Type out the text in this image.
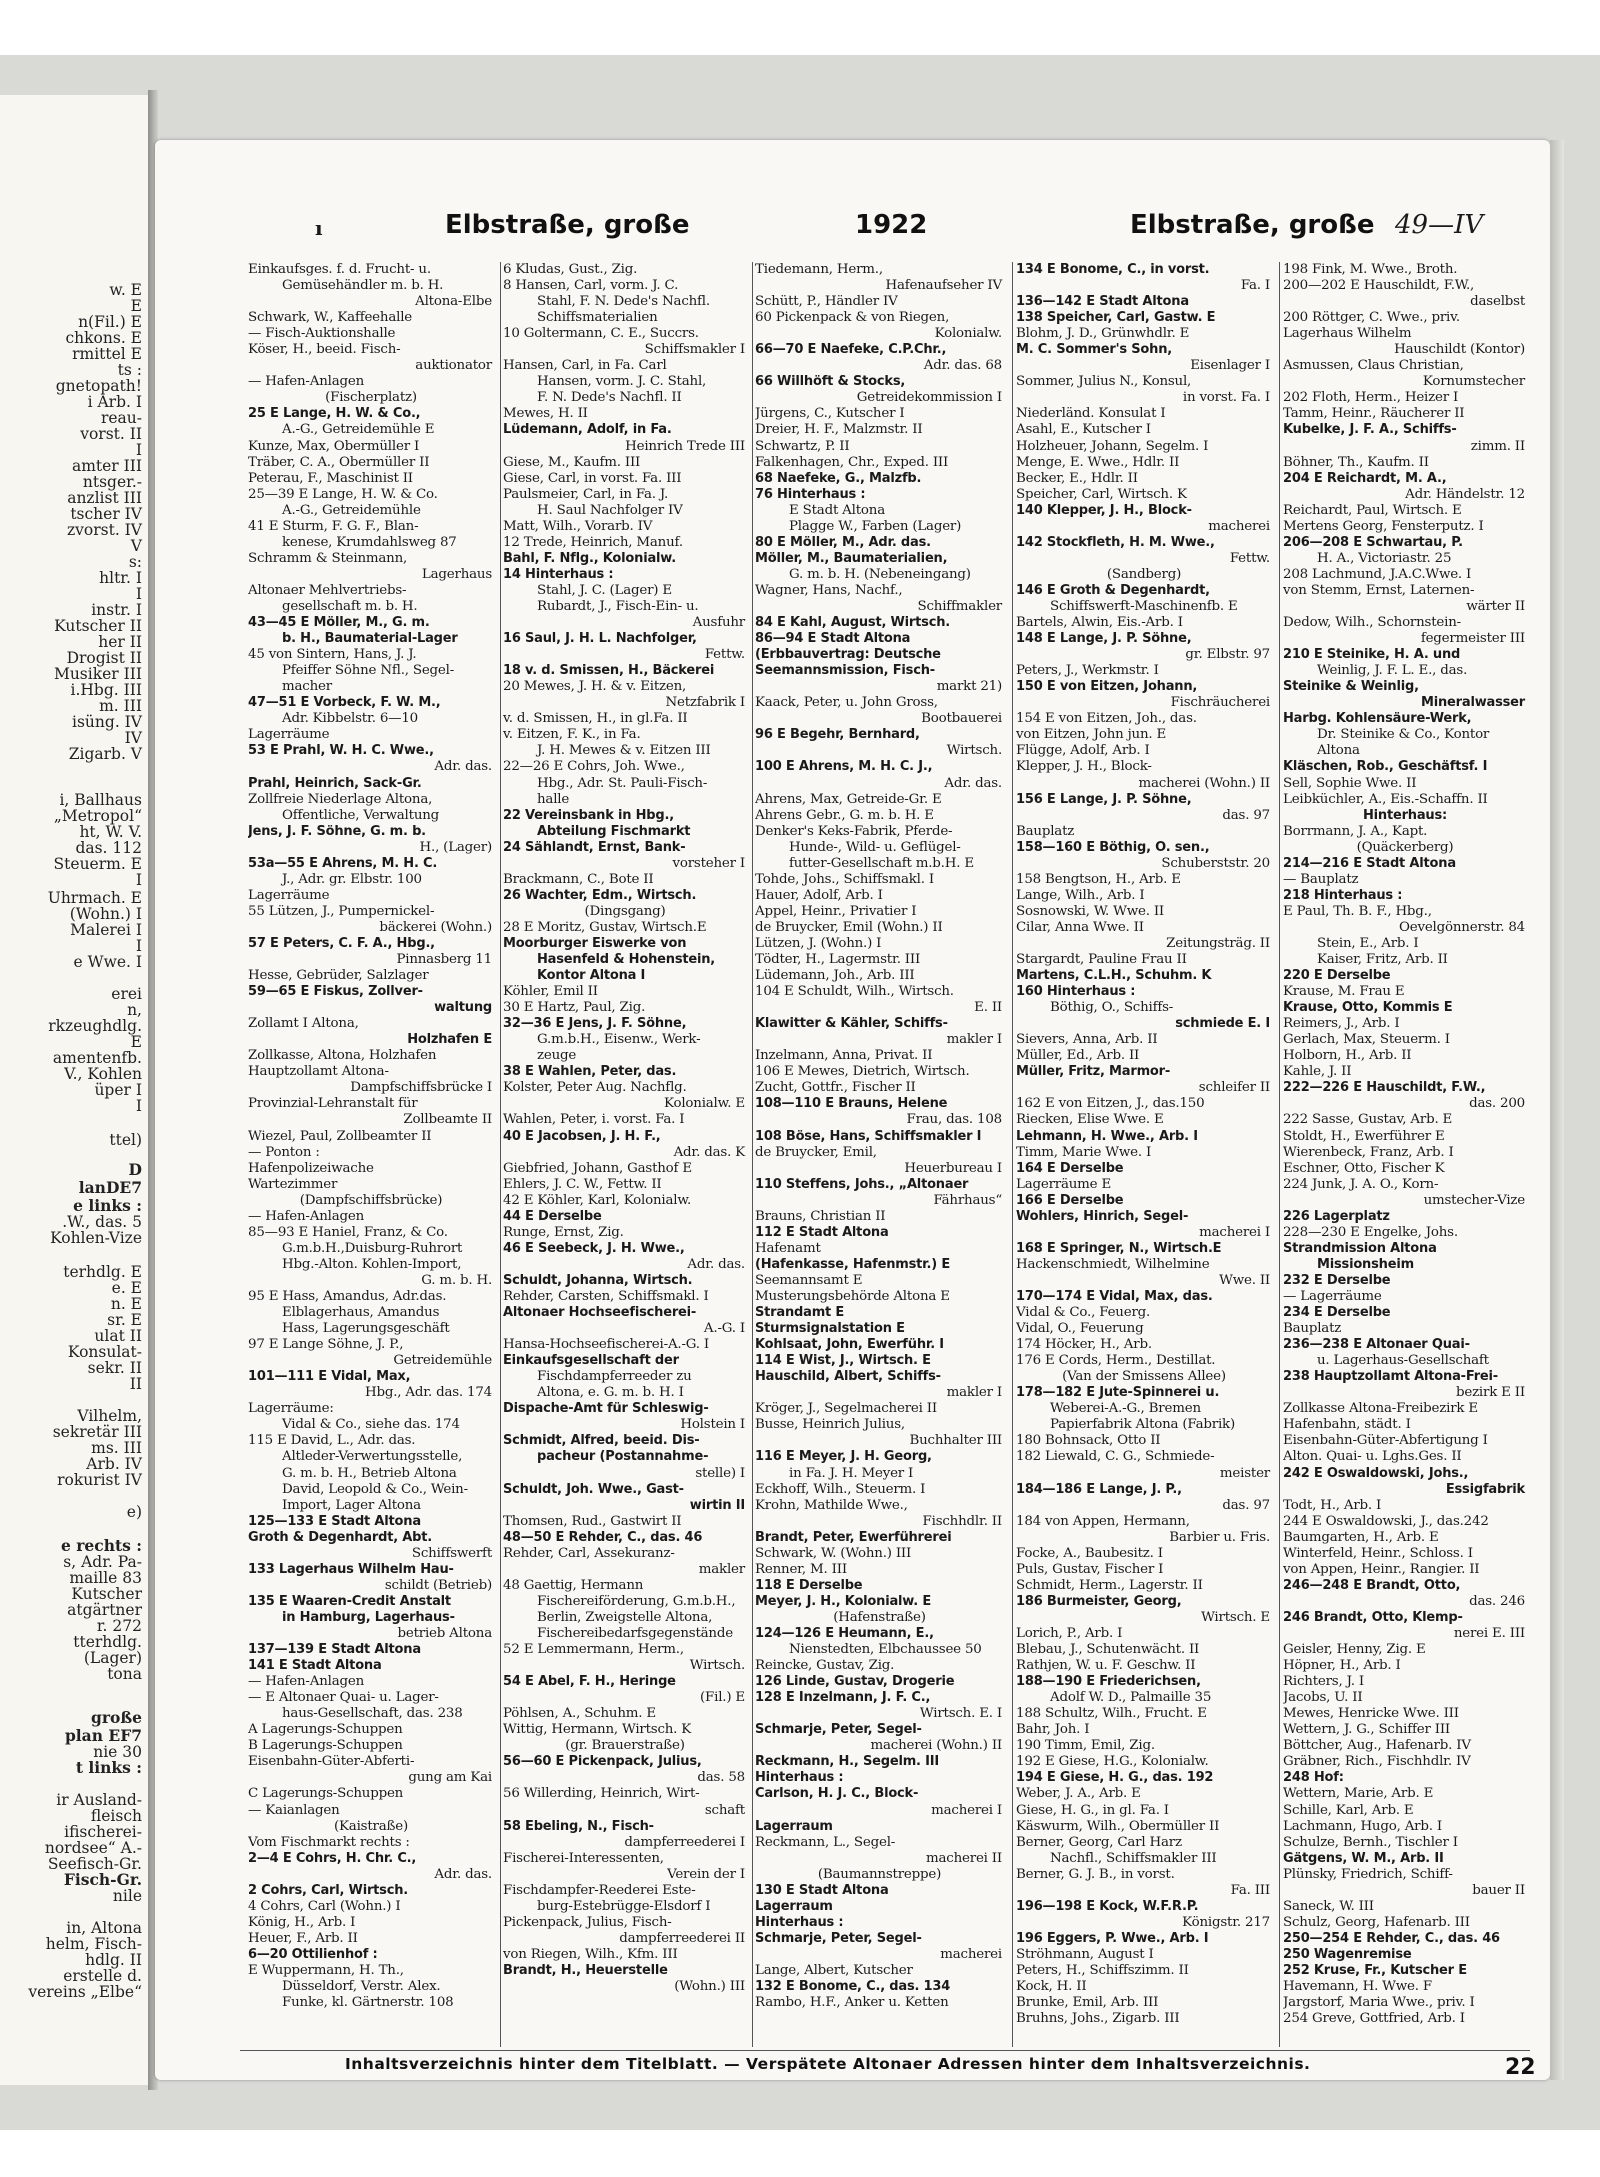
w. E
E
n(Fil.) E
chkons. E
rmittel E
ts :
gnetopath!
i Arb. I
reau-
vorst. II
I
amter III
ntsger.-
anzlist III
tscher IV
zvorst. IV
V
s:
hltr. I
I
instr. I
Kutscher II
her II
Drogist II
Musiker III
i.Hbg. III
m. III
isüng. IV
IV
Zigarb. V
i, Ballhaus
„Metropol“
ht, W. V.
das. 112
Steuerm. E
I
Uhrmach. E
(Wohn.) I
Malerei I
I
e Wwe. I
erei
n,
rkzeughdlg.
E
amentenfb.
V., Kohlen
üper I
I
ttel)
D
lanDE7
e links :
.W., das. 5
Kohlen-Vize
terhdlg. E
e. E
n. E
sr. E
ulat II
Konsulat-
sekr. II
II
Vilhelm,
sekretär III
ms. III
Arb. IV
rokurist IV
e)
e rechts :
s, Adr. Pa-
maille 83
Kutscher
atgärtner
r. 272
tterhdlg.
(Lager)
tona
große
plan EF7
nie 30
t links :
ir Ausland-
fleisch
ifischerei-
nordsee“ A.-
Seefisch-Gr.
Fisch-Gr.
nile
in, Altona
helm, Fisch-
hdlg. II
erstelle d.
vereins „Elbe“
ı	Elbstraße, große	1922	Elbstraße, große 49—IV
Einkaufsges. f. d. Frucht- u.
Gemüsehändler m. b. H.
Altona-Elbe
Schwark, W., Kaffeehalle
— Fisch-Auktionshalle
Köser, H., beeid. Fisch-
auktionator
— Hafen-Anlagen
(Fischerplatz)
25 E Lange, H. W. & Co.,
A.-G., Getreidemühle E
Kunze, Max, Obermüller I
Träber, C. A., Obermüller II
Peterau, F., Maschinist II
25—39 E Lange, H. W. & Co.
A.-G., Getreidemühle
41 E Sturm, F. G. F., Blan-
kenese, Krumdahlsweg 87
Schramm & Steinmann,
Lagerhaus
Altonaer Mehlvertriebs-
gesellschaft m. b. H.
43—45 E Möller, M., G. m.
b. H., Baumaterial-Lager
45 von Sintern, Hans, J. J.
Pfeiffer Söhne Nfl., Segel-
macher
47—51 E Vorbeck, F. W. M.,
Adr. Kibbelstr. 6—10
Lagerräume
53 E Prahl, W. H. C. Wwe.,
Adr. das.
Prahl, Heinrich, Sack-Gr.
Zollfreie Niederlage Altona,
Öffentliche, Verwaltung
Jens, J. F. Söhne, G. m. b.
H., (Lager)
53a—55 E Ahrens, M. H. C.
J., Adr. gr. Elbstr. 100
Lagerräume
55 Lützen, J., Pumpernickel-
bäckerei (Wohn.)
57 E Peters, C. F. A., Hbg.,
Pinnasberg 11
Hesse, Gebrüder, Salzlager
59—65 E Fiskus, Zollver-
waltung
Zollamt I Altona,
Holzhafen E
Zollkasse, Altona, Holzhafen
Hauptzollamt Altona-
Dampfschiffsbrücke I
Provinzial-Lehranstalt für
Zollbeamte II
Wiezel, Paul, Zollbeamter II
— Ponton :
Hafenpolizeiwache
Wartezimmer
(Dampfschiffsbrücke)
— Hafen-Anlagen
85—93 E Haniel, Franz, & Co.
G.m.b.H.,Duisburg-Ruhrort
Hbg.-Alton. Kohlen-Import,
G. m. b. H.
95 E Hass, Amandus, Adr.das.
Elblagerhaus, Amandus
Hass, Lagerungsgeschäft
97 E Lange Söhne, J. P.,
Getreidemühle
101—111 E Vidal, Max,
Hbg., Adr. das. 174
Lagerräume:
Vidal & Co., siehe das. 174
115 E David, L., Adr. das.
Altleder-Verwertungsstelle,
G. m. b. H., Betrieb Altona
David, Leopold & Co., Wein-
Import, Lager Altona
125—133 E Stadt Altona
Groth & Degenhardt, Abt.
Schiffswerft
133 Lagerhaus Wilhelm Hau-
schildt (Betrieb)
135 E Waaren-Credit Anstalt
in Hamburg, Lagerhaus-
betrieb Altona
137—139 E Stadt Altona
141 E Stadt Altona
— Hafen-Anlagen
— E Altonaer Quai- u. Lager-
haus-Gesellschaft, das. 238
A Lagerungs-Schuppen
B Lagerungs-Schuppen
Eisenbahn-Güter-Abferti-
gung am Kai
C Lagerungs-Schuppen
— Kaianlagen
(Kaistraße)
Vom Fischmarkt rechts :
2—4 E Cohrs, H. Chr. C.,
Adr. das.
2 Cohrs, Carl, Wirtsch.
4 Cohrs, Carl (Wohn.) I
König, H., Arb. I
Heuer, F., Arb. II
6—20 Ottilienhof :
E Wuppermann, H. Th.,
Düsseldorf, Verstr. Alex.
Funke, kl. Gärtnerstr. 108
6 Kludas, Gust., Zig.
8 Hansen, Carl, vorm. J. C.
Stahl, F. N. Dede's Nachfl.
Schiffsmaterialien
10 Goltermann, C. E., Succrs.
Schiffsmakler I
Hansen, Carl, in Fa. Carl
Hansen, vorm. J. C. Stahl,
F. N. Dede's Nachfl. II
Mewes, H. II
Lüdemann, Adolf, in Fa.
Heinrich Trede III
Giese, M., Kaufm. III
Giese, Carl, in vorst. Fa. III
Paulsmeier, Carl, in Fa. J.
H. Saul Nachfolger IV
Matt, Wilh., Vorarb. IV
12 Trede, Heinrich, Manuf.
Bahl, F. Nflg., Kolonialw.
14 Hinterhaus :
Stahl, J. C. (Lager) E
Rubardt, J., Fisch-Ein- u.
Ausfuhr
16 Saul, J. H. L. Nachfolger,
Fettw.
18 v. d. Smissen, H., Bäckerei
20 Mewes, J. H. & v. Eitzen,
Netzfabrik I
v. d. Smissen, H., in gl.Fa. II
v. Eitzen, F. K., in Fa.
J. H. Mewes & v. Eitzen III
22—26 E Cohrs, Joh. Wwe.,
Hbg., Adr. St. Pauli-Fisch-
halle
22 Vereinsbank in Hbg.,
Abteilung Fischmarkt
24 Sählandt, Ernst, Bank-
vorsteher I
Brackmann, C., Bote II
26 Wachter, Edm., Wirtsch.
(Dingsgang)
28 E Moritz, Gustav, Wirtsch.E
Moorburger Eiswerke von
Hasenfeld & Hohenstein,
Kontor Altona I
Köhler, Emil II
30 E Hartz, Paul, Zig.
32—36 E Jens, J. F. Söhne,
G.m.b.H., Eisenw., Werk-
zeuge
38 E Wahlen, Peter, das.
Kolster, Peter Aug. Nachflg.
Kolonialw. E
Wahlen, Peter, i. vorst. Fa. I
40 E Jacobsen, J. H. F.,
Adr. das. K
Giebfried, Johann, Gasthof E
Ehlers, J. C. W., Fettw. II
42 E Köhler, Karl, Kolonialw.
44 E Derselbe
Runge, Ernst, Zig.
46 E Seebeck, J. H. Wwe.,
Adr. das.
Schuldt, Johanna, Wirtsch.
Rehder, Carsten, Schiffsmakl. I
Altonaer Hochseefischerei-
A.-G. I
Hansa-Hochseefischerei-A.-G. I
Einkaufsgesellschaft der
Fischdampferreeder zu
Altona, e. G. m. b. H. I
Dispache-Amt für Schleswig-
Holstein I
Schmidt, Alfred, beeid. Dis-
pacheur (Postannahme-
stelle) I
Schuldt, Joh. Wwe., Gast-
wirtin II
Thomsen, Rud., Gastwirt II
48—50 E Rehder, C., das. 46
Rehder, Carl, Assekuranz-
makler
48 Gaettig, Hermann
Fischereiförderung, G.m.b.H.,
Berlin, Zweigstelle Altona,
Fischereibedarfsgegenstände
52 E Lemmermann, Herm.,
Wirtsch.
54 E Abel, F. H., Heringe
(Fil.) E
Pöhlsen, A., Schuhm. E
Wittig, Hermann, Wirtsch. K
(gr. Brauerstraße)
56—60 E Pickenpack, Julius,
das. 58
56 Willerding, Heinrich, Wirt-
schaft
58 Ebeling, N., Fisch-
dampferreederei I
Fischerei-Interessenten,
Verein der I
Fischdampfer-Reederei Este-
burg-Estebrügge-Elsdorf I
Pickenpack, Julius, Fisch-
dampferreederei II
von Riegen, Wilh., Kfm. III
Brandt, H., Heuerstelle
(Wohn.) III
Tiedemann, Herm.,
Hafenaufseher IV
Schütt, P., Händler IV
60 Pickenpack & von Riegen,
Kolonialw.
66—70 E Naefeke, C.P.Chr.,
Adr. das. 68
66 Willhöft & Stocks,
Getreidekommission I
Jürgens, C., Kutscher I
Dreier, H. F., Malzmstr. II
Schwartz, P. II
Falkenhagen, Chr., Exped. III
68 Naefeke, G., Malzfb.
76 Hinterhaus :
E Stadt Altona
Plagge W., Farben (Lager)
80 E Möller, M., Adr. das.
Möller, M., Baumaterialien,
G. m. b. H. (Nebeneingang)
Wagner, Hans, Nachf.,
Schiffmakler
84 E Kahl, August, Wirtsch.
86—94 E Stadt Altona
(Erbbauvertrag: Deutsche
Seemannsmission, Fisch-
markt 21)
Kaack, Peter, u. John Gross,
Bootbauerei
96 E Begehr, Bernhard,
Wirtsch.
100 E Ahrens, M. H. C. J.,
Adr. das.
Ahrens, Max, Getreide-Gr. E
Ahrens Gebr., G. m. b. H. E
Denker's Keks-Fabrik, Pferde-
Hunde-, Wild- u. Geflügel-
futter-Gesellschaft m.b.H. E
Tohde, Johs., Schiffsmakl. I
Hauer, Adolf, Arb. I
Appel, Heinr., Privatier I
de Bruycker, Emil (Wohn.) II
Lützen, J. (Wohn.) I
Tödter, H., Lagermstr. III
Lüdemann, Joh., Arb. III
104 E Schuldt, Wilh., Wirtsch.
E. II
Klawitter & Kähler, Schiffs-
makler I
Inzelmann, Anna, Privat. II
106 E Mewes, Dietrich, Wirtsch.
Zucht, Gottfr., Fischer II
108—110 E Brauns, Helene
Frau, das. 108
108 Böse, Hans, Schiffsmakler I
de Bruycker, Emil,
Heuerbureau I
110 Steffens, Johs., „Altonaer
Fährhaus“
Brauns, Christian II
112 E Stadt Altona
Hafenamt
(Hafenkasse, Hafenmstr.) E
Seemannsamt E
Musterungsbehörde Altona E
Strandamt E
Sturmsignalstation E
Kohlsaat, John, Ewerführ. I
114 E Wist, J., Wirtsch. E
Hauschild, Albert, Schiffs-
makler I
Kröger, J., Segelmacherei II
Busse, Heinrich Julius,
Buchhalter III
116 E Meyer, J. H. Georg,
in Fa. J. H. Meyer I
Eckhoff, Wilh., Steuerm. I
Krohn, Mathilde Wwe.,
Fischhdlr. II
Brandt, Peter, Ewerführerei
Schwark, W. (Wohn.) III
Renner, M. III
118 E Derselbe
Meyer, J. H., Kolonialw. E
(Hafenstraße)
124—126 E Heumann, E.,
Nienstedten, Elbchaussee 50
Reincke, Gustav, Zig.
126 Linde, Gustav, Drogerie
128 E Inzelmann, J. F. C.,
Wirtsch. E. I
Schmarje, Peter, Segel-
macherei (Wohn.) II
Reckmann, H., Segelm. III
Hinterhaus :
Carlson, H. J. C., Block-
macherei I
Lagerraum
Reckmann, L., Segel-
macherei II
(Baumannstreppe)
130 E Stadt Altona
Lagerraum
Hinterhaus :
Schmarje, Peter, Segel-
macherei
Lange, Albert, Kutscher
132 E Bonome, C., das. 134
Rambo, H.F., Anker u. Ketten
134 E Bonome, C., in vorst.
Fa. I
136—142 E Stadt Altona
138 Speicher, Carl, Gastw. E
Blohm, J. D., Grünwhdlr. E
M. C. Sommer's Sohn,
Eisenlager I
Sommer, Julius N., Konsul,
in vorst. Fa. I
Niederländ. Konsulat I
Asahl, E., Kutscher I
Holzheuer, Johann, Segelm. I
Menge, E. Wwe., Hdlr. II
Becker, E., Hdlr. II
Speicher, Carl, Wirtsch. K
140 Klepper, J. H., Block-
macherei
142 Stockfleth, H. M. Wwe.,
Fettw.
(Sandberg)
146 E Groth & Degenhardt,
Schiffswerft-Maschinenfb. E
Bartels, Alwin, Eis.-Arb. I
148 E Lange, J. P. Söhne,
gr. Elbstr. 97
Peters, J., Werkmstr. I
150 E von Eitzen, Johann,
Fischräucherei
154 E von Eitzen, Joh., das.
von Eitzen, John jun. E
Flügge, Adolf, Arb. I
Klepper, J. H., Block-
macherei (Wohn.) II
156 E Lange, J. P. Söhne,
das. 97
Bauplatz
158—160 E Böthig, O. sen.,
Schuberststr. 20
158 Bengtson, H., Arb. E
Lange, Wilh., Arb. I
Sosnowski, W. Wwe. II
Cilar, Anna Wwe. II
Zeitungsträg. II
Stargardt, Pauline Frau II
Martens, C.L.H., Schuhm. K
160 Hinterhaus :
Böthig, O., Schiffs-
schmiede E. I
Sievers, Anna, Arb. II
Müller, Ed., Arb. II
Müller, Fritz, Marmor-
schleifer II
162 E von Eitzen, J., das.150
Riecken, Elise Wwe. E
Lehmann, H. Wwe., Arb. I
Timm, Marie Wwe. I
164 E Derselbe
Lagerräume E
166 E Derselbe
Wohlers, Hinrich, Segel-
macherei I
168 E Springer, N., Wirtsch.E
Hackenschmiedt, Wilhelmine
Wwe. II
170—174 E Vidal, Max, das.
Vidal & Co., Feuerg.
Vidal, O., Feuerung
174 Höcker, H., Arb.
176 E Cords, Herm., Destillat.
(Van der Smissens Allee)
178—182 E Jute-Spinnerei u.
Weberei-A.-G., Bremen
Papierfabrik Altona (Fabrik)
180 Bohnsack, Otto II
182 Liewald, C. G., Schmiede-
meister
184—186 E Lange, J. P.,
das. 97
184 von Appen, Hermann,
Barbier u. Fris.
Focke, A., Baubesitz. I
Puls, Gustav, Fischer I
Schmidt, Herm., Lagerstr. II
186 Burmeister, Georg,
Wirtsch. E
Lorich, P., Arb. I
Blebau, J., Schutenwächt. II
Rathjen, W. u. F. Geschw. II
188—190 E Friederichsen,
Adolf W. D., Palmaille 35
188 Schultz, Wilh., Frucht. E
Bahr, Joh. I
190 Timm, Emil, Zig.
192 E Giese, H.G., Kolonialw.
194 E Giese, H. G., das. 192
Weber, J. A., Arb. E
Giese, H. G., in gl. Fa. I
Käswurm, Wilh., Obermüller II
Berner, Georg, Carl Harz
Nachfl., Schiffsmakler III
Berner, G. J. B., in vorst.
Fa. III
196—198 E Kock, W.F.R.P.
Königstr. 217
196 Eggers, P. Wwe., Arb. I
Ströhmann, August I
Peters, H., Schiffszimm. II
Kock, H. II
Brunke, Emil, Arb. III
Bruhns, Johs., Zigarb. III
198 Fink, M. Wwe., Broth.
200—202 E Hauschildt, F.W.,
daselbst
200 Röttger, C. Wwe., priv.
Lagerhaus Wilhelm
Hauschildt (Kontor)
Asmussen, Claus Christian,
Kornumstecher
202 Floth, Herm., Heizer I
Tamm, Heinr., Räucherer II
Kubelke, J. F. A., Schiffs-
zimm. II
Böhner, Th., Kaufm. II
204 E Reichardt, M. A.,
Adr. Händelstr. 12
Reichardt, Paul, Wirtsch. E
Mertens Georg, Fensterputz. I
206—208 E Schwartau, P.
H. A., Victoriastr. 25
208 Lachmund, J.A.C.Wwe. I
von Stemm, Ernst, Laternen-
wärter II
Dedow, Wilh., Schornstein-
fegermeister III
210 E Steinike, H. A. und
Weinlig, J. F. L. E., das.
Steinike & Weinlig,
Mineralwasser
Harbg. Kohlensäure-Werk,
Dr. Steinike & Co., Kontor
Altona
Kläschen, Rob., Geschäftsf. I
Sell, Sophie Wwe. II
Leibküchler, A., Eis.-Schaffn. II
Hinterhaus:
Borrmann, J. A., Kapt.
(Quäckerberg)
214—216 E Stadt Altona
— Bauplatz
218 Hinterhaus :
E Paul, Th. B. F., Hbg.,
Oevelgönnerstr. 84
Stein, E., Arb. I
Kaiser, Fritz, Arb. II
220 E Derselbe
Krause, M. Frau E
Krause, Otto, Kommis E
Reimers, J., Arb. I
Gerlach, Max, Steuerm. I
Holborn, H., Arb. II
Kahle, J. II
222—226 E Hauschildt, F.W.,
das. 200
222 Sasse, Gustav, Arb. E
Stoldt, H., Ewerführer E
Wierenbeck, Franz, Arb. I
Eschner, Otto, Fischer K
224 Junk, J. A. O., Korn-
umstecher-Vize
226 Lagerplatz
228—230 E Engelke, Johs.
Strandmission Altona
Missionsheim
232 E Derselbe
— Lagerräume
234 E Derselbe
Bauplatz
236—238 E Altonaer Quai-
u. Lagerhaus-Gesellschaft
238 Hauptzollamt Altona-Frei-
bezirk E II
Zollkasse Altona-Freibezirk E
Hafenbahn, städt. I
Eisenbahn-Güter-Abfertigung I
Alton. Quai- u. Lghs.Ges. II
242 E Oswaldowski, Johs.,
Essigfabrik
Todt, H., Arb. I
244 E Oswaldowski, J., das.242
Baumgarten, H., Arb. E
Winterfeld, Heinr., Schloss. I
von Appen, Heinr., Rangier. II
246—248 E Brandt, Otto,
das. 246
246 Brandt, Otto, Klemp-
nerei E. III
Geisler, Henny, Zig. E
Höpner, H., Arb. I
Richters, J. I
Jacobs, U. II
Mewes, Henricke Wwe. III
Wettern, J. G., Schiffer III
Böttcher, Aug., Hafenarb. IV
Gräbner, Rich., Fischhdlr. IV
248 Hof:
Wettern, Marie, Arb. E
Schille, Karl, Arb. E
Lachmann, Hugo, Arb. I
Schulze, Bernh., Tischler I
Gätgens, W. M., Arb. II
Plünsky, Friedrich, Schiff-
bauer II
Saneck, W. III
Schulz, Georg, Hafenarb. III
250—254 E Rehder, C., das. 46
250 Wagenremise
252 Kruse, Fr., Kutscher E
Havemann, H. Wwe. F
Jargstorf, Maria Wwe., priv. I
254 Greve, Gottfried, Arb. I
Inhaltsverzeichnis hinter dem Titelblatt. — Verspätete Altonaer Adressen hinter dem Inhaltsverzeichnis.	22
